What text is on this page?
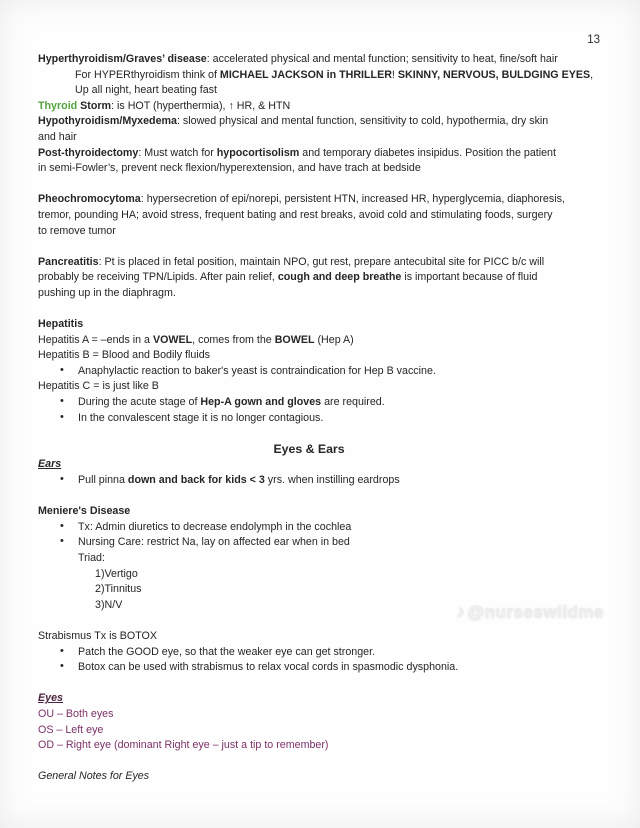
13
Hyperthyroidism/Graves’ disease: accelerated physical and mental function; sensitivity to heat, fine/soft hair
For HYPERthyroidism think of MICHAEL JACKSON in THRILLER! SKINNY, NERVOUS, BULDGING EYES,
Up all night, heart beating fast
Thyroid Storm: is HOT (hyperthermia), ↑ HR, & HTN
Hypothyroidism/Myxedema: slowed physical and mental function, sensitivity to cold, hypothermia, dry skin
and hair
Post-thyroidectomy: Must watch for hypocortisolism and temporary diabetes insipidus. Position the patient
in semi-Fowler’s, prevent neck flexion/hyperextension, and have trach at bedside
Pheochromocytoma: hypersecretion of epi/norepi, persistent HTN, increased HR, hyperglycemia, diaphoresis,
tremor, pounding HA; avoid stress, frequent bating and rest breaks, avoid cold and stimulating foods, surgery
to remove tumor
Pancreatitis: Pt is placed in fetal position, maintain NPO, gut rest, prepare antecubital site for PICC b/c will
probably be receiving TPN/Lipids. After pain relief, cough and deep breathe is important because of fluid
pushing up in the diaphragm.
Hepatitis
Hepatitis A = –ends in a VOWEL, comes from the BOWEL (Hep A)
Hepatitis B = Blood and Bodily fluids
• Anaphylactic reaction to baker's yeast is contraindication for Hep B vaccine.
Hepatitis C = is just like B
• During the acute stage of Hep-A gown and gloves are required.
• In the convalescent stage it is no longer contagious.
Eyes & Ears
Ears
• Pull pinna down and back for kids < 3 yrs. when instilling eardrops
Meniere's Disease
• Tx: Admin diuretics to decrease endolymph in the cochlea
• Nursing Care: restrict Na, lay on affected ear when in bed
Triad:
1)Vertigo
2)Tinnitus
3)N/V
Strabismus Tx is BOTOX
• Patch the GOOD eye, so that the weaker eye can get stronger.
• Botox can be used with strabismus to relax vocal cords in spasmodic dysphonia.
Eyes
OU – Both eyes
OS – Left eye
OD – Right eye (dominant Right eye – just a tip to remember)
General Notes for Eyes
♪ @nurseswildme
